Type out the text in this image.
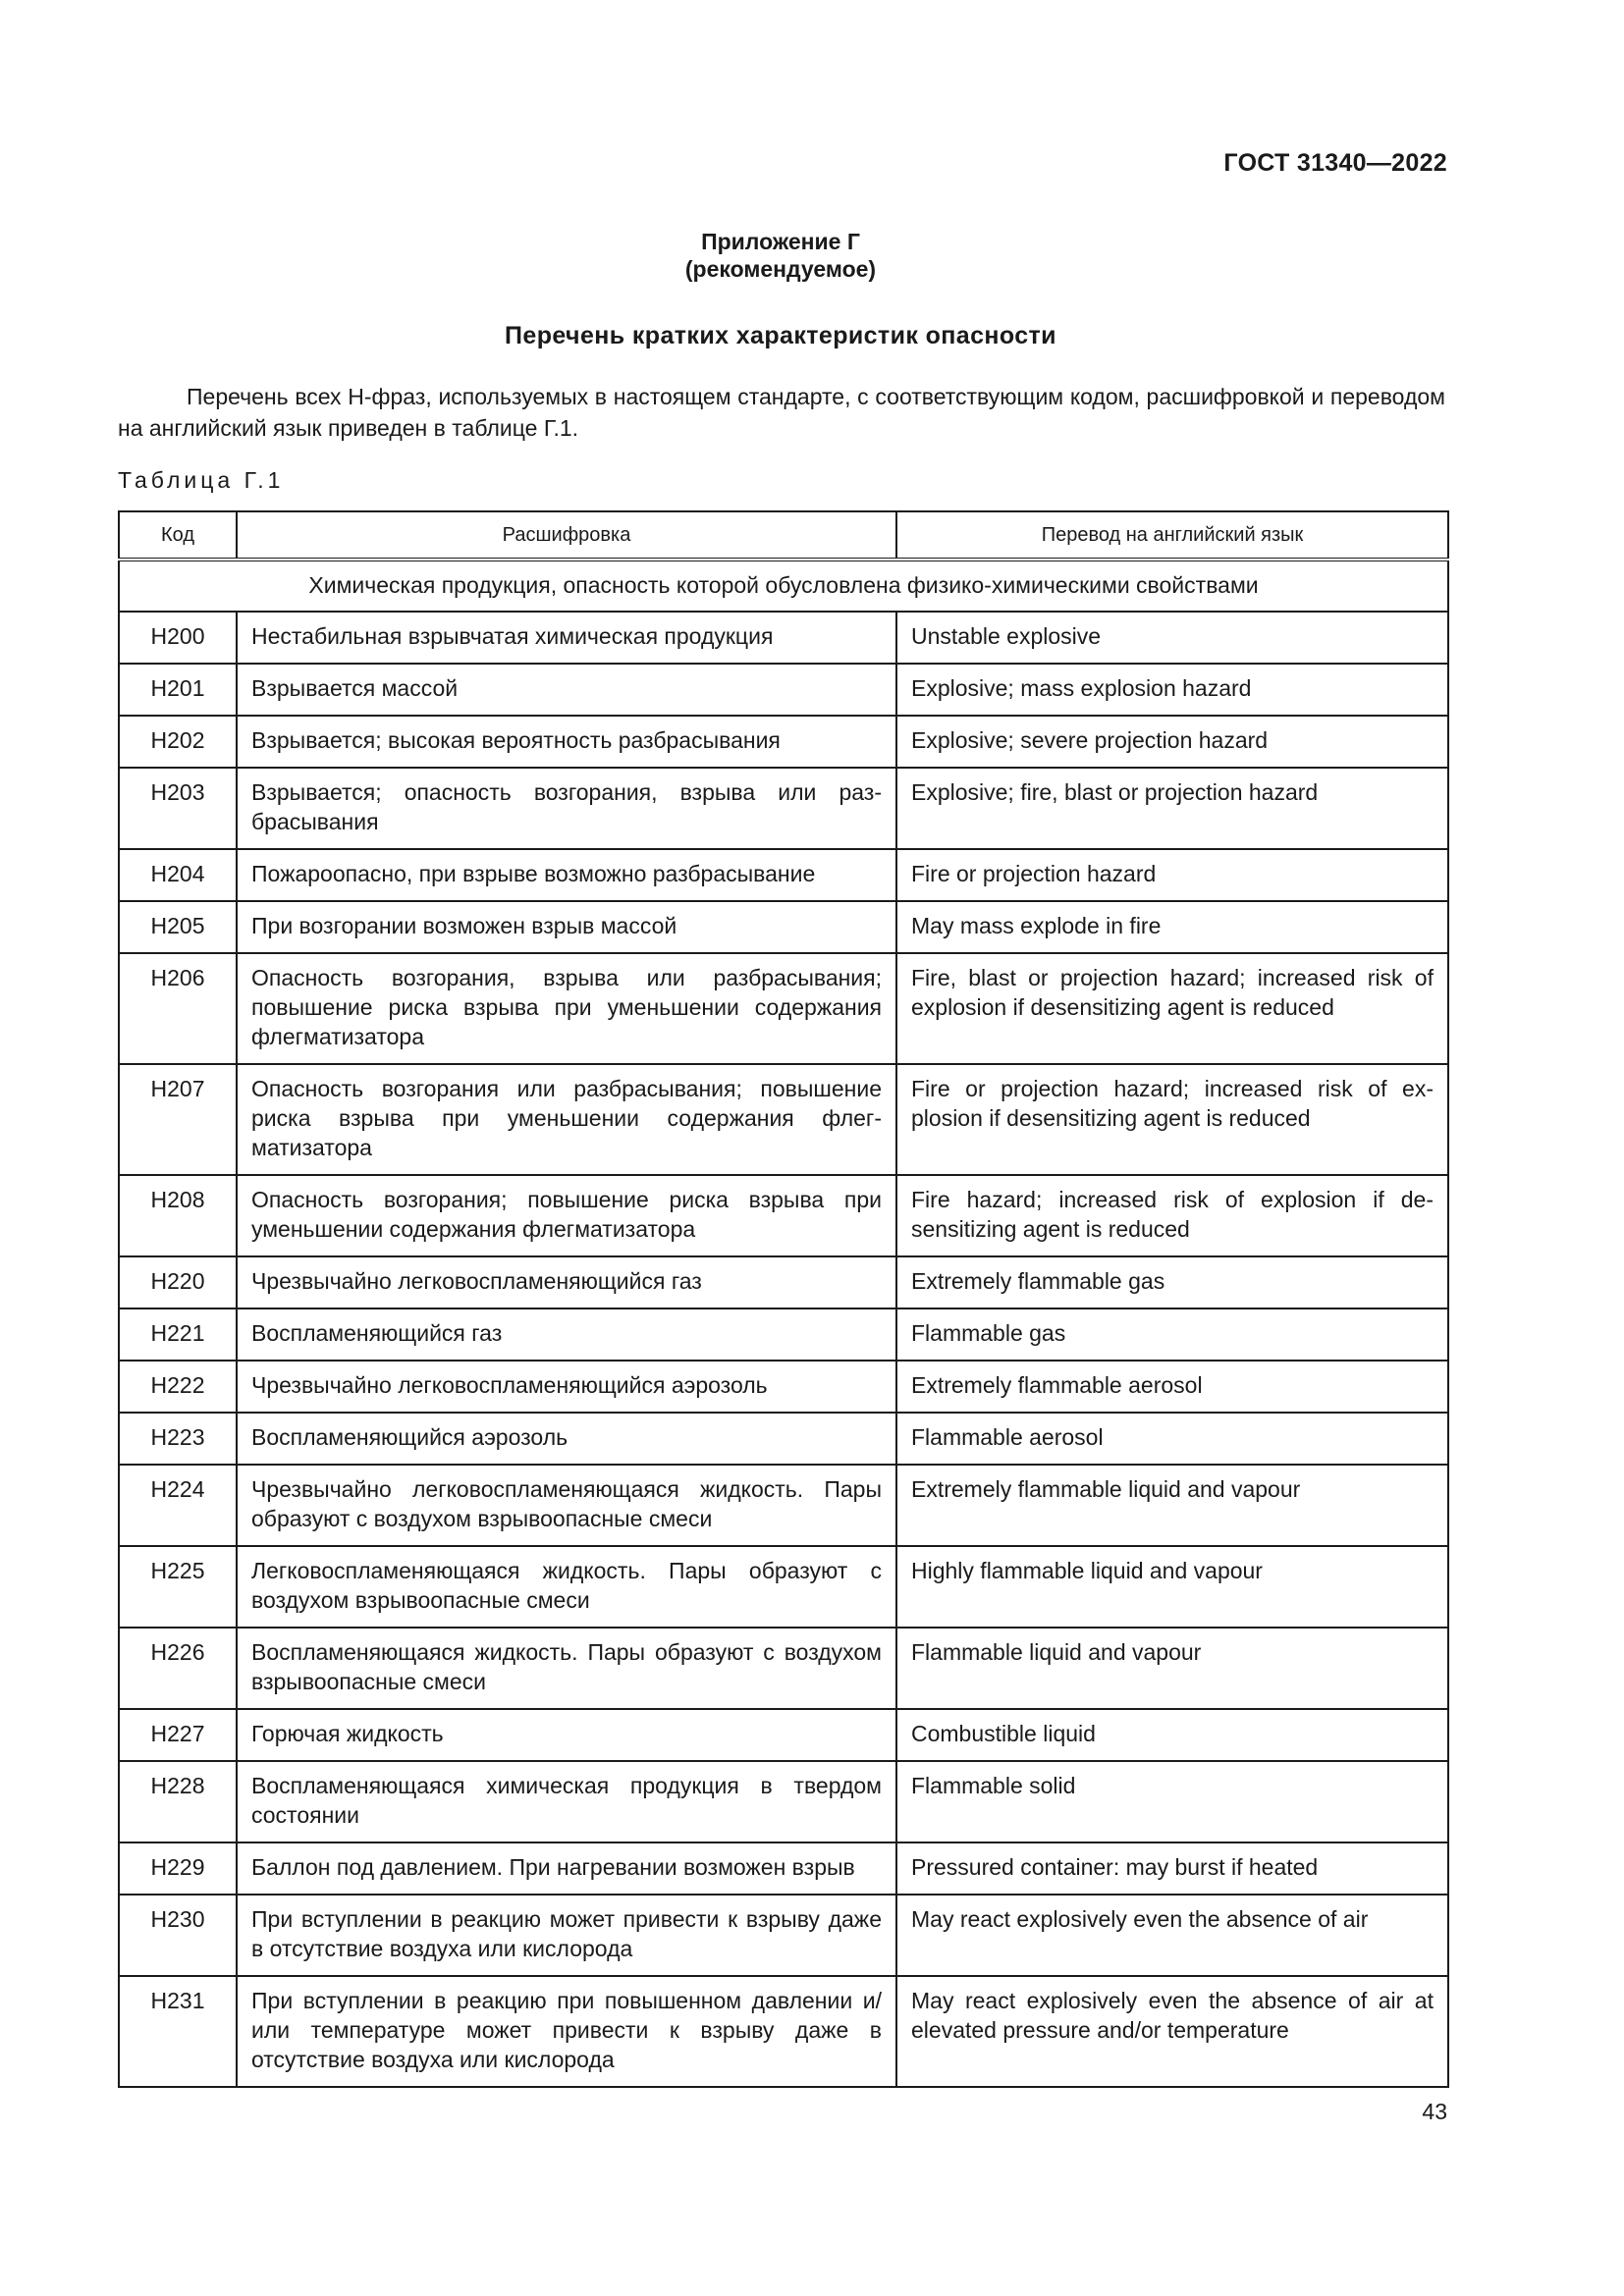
ГОСТ 31340—2022
Приложение Г
(рекомендуемое)
Перечень кратких характеристик опасности
Перечень всех Н-фраз, используемых в настоящем стандарте, с соответствующим кодом, расшифровкой и переводом на английский язык приведен в таблице Г.1.
Таблица Г.1
Код	Расшифровка	Перевод на английский язык
Химическая продукция, опасность которой обусловлена физико-химическими свойствами		
Н200	Нестабильная взрывчатая химическая продукция	Unstable explosive
Н201	Взрывается массой	Explosive; mass explosion hazard
Н202	Взрывается; высокая вероятность разбрасывания	Explosive; severe projection hazard
Н203	Взрывается; опасность возгорания, взрыва или разбрасывания	Explosive; fire, blast or projection hazard
Н204	Пожароопасно, при взрыве возможно разбрасывание	Fire or projection hazard
Н205	При возгорании возможен взрыв массой	May mass explode in fire
Н206	Опасность возгорания, взрыва или разбрасывания; повышение риска взрыва при уменьшении содержания флегматизатора	Fire, blast or projection hazard; increased risk of explosion if desensitizing agent is reduced
Н207	Опасность возгорания или разбрасывания; повышение риска взрыва при уменьшении содержания флегматизатора	Fire or projection hazard; increased risk of explosion if desensitizing agent is reduced
Н208	Опасность возгорания; повышение риска взрыва при уменьшении содержания флегматизатора	Fire hazard; increased risk of explosion if desensitizing agent is reduced
Н220	Чрезвычайно легковоспламеняющийся газ	Extremely flammable gas
Н221	Воспламеняющийся газ	Flammable gas
Н222	Чрезвычайно легковоспламеняющийся аэрозоль	Extremely flammable aerosol
Н223	Воспламеняющийся аэрозоль	Flammable aerosol
Н224	Чрезвычайно легковоспламеняющаяся жидкость. Пары образуют с воздухом взрывоопасные смеси	Extremely flammable liquid and vapour
Н225	Легковоспламеняющаяся жидкость. Пары образуют с воздухом взрывоопасные смеси	Highly flammable liquid and vapour
Н226	Воспламеняющаяся жидкость. Пары образуют с воздухом взрывоопасные смеси	Flammable liquid and vapour
Н227	Горючая жидкость	Combustible liquid
Н228	Воспламеняющаяся химическая продукция в твердом состоянии	Flammable solid
Н229	Баллон под давлением. При нагревании возможен взрыв	Pressured container: may burst if heated
Н230	При вступлении в реакцию может привести к взрыву даже в отсутствие воздуха или кислорода	May react explosively even the absence of air
Н231	При вступлении в реакцию при повышенном давлении и/или температуре может привести к взрыву даже в отсутствие воздуха или кислорода	May react explosively even the absence of air at elevated pressure and/or temperature
43
